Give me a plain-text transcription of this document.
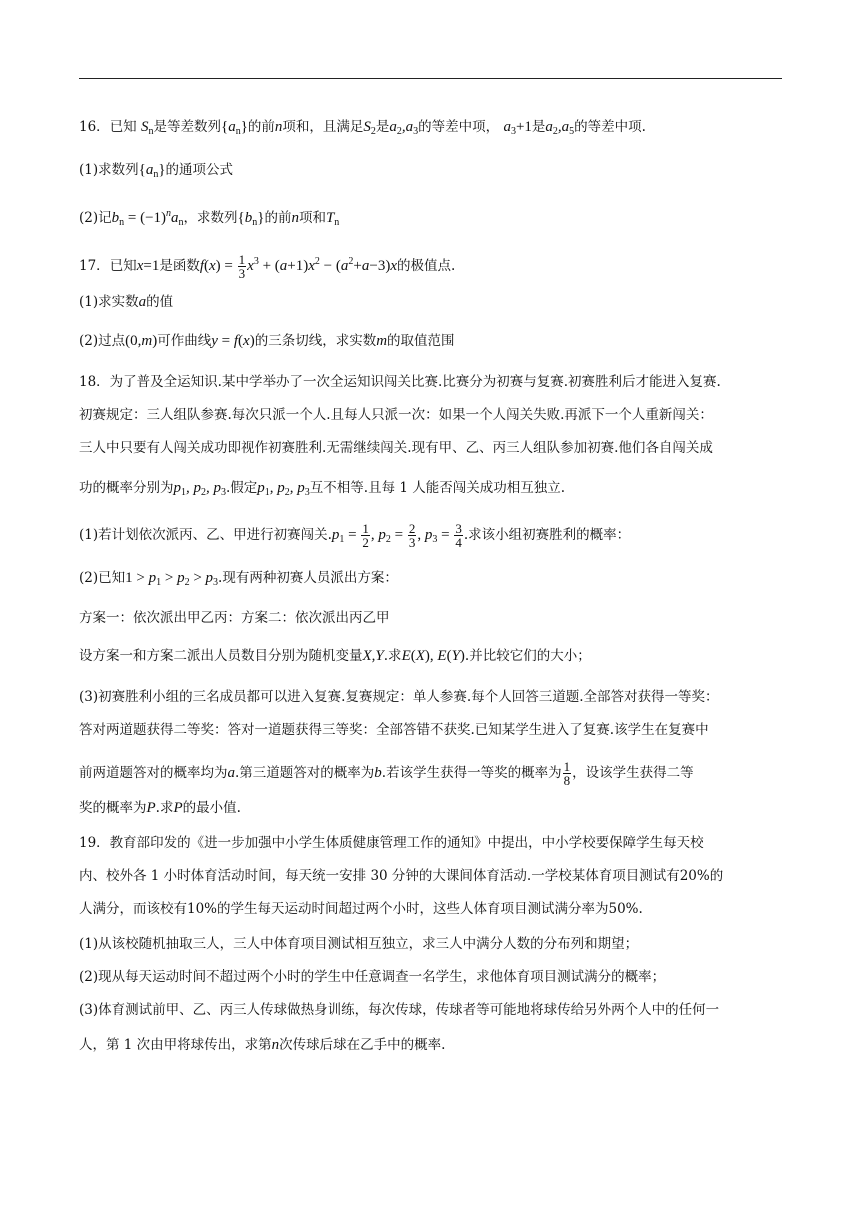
16．已知 $S_n$是等差数列$\{a_n\}$的前n项和，且满足$S_2$是$a_2,a_3$的等差中项， $a_3+1$是$a_2,a_5$的等差中项.
(1)求数列$\{a_n\}$的通项公式
(2)记$b_n = (-1)^na_n$，求数列$\{b_n\}$的前n项和$T_n$
17．已知x=1是函数$f(x) = \frac{1}{3} x^3 + (a+1)x^2 - (a^2+a-3)x$的极值点.
(1)求实数a的值
(2)过点(0,m)可作曲线y = f(x)的三条切线，求实数m的取值范围
18．为了普及全运知识.某中学举办了一次全运知识闯关比赛.比赛分为初赛与复赛.初赛胜利后才能进入复赛.
初赛规定：三人组队参赛.每次只派一个人.且每人只派一次：如果一个人闯关失败.再派下一个人重新闯关：
三人中只要有人闯关成功即视作初赛胜利.无需继续闯关.现有甲、乙、丙三人组队参加初赛.他们各自闯关成
功的概率分别为$p_1$, $p_2$, $p_3$.假定$p_1$, $p_2$, $p_3$互不相等.且每 1 人能否闯关成功相互独立.
(1)若计划依次派丙、乙、甲进行初赛闯关$.p_1 = \frac{1}{2}$ , $p_2 = \frac{2}{3}$ , $p_3 = \frac{3}{4}$ .求该小组初赛胜利的概率：
(2)已知$1 > p_1 > p_2 > p_3$.现有两种初赛人员派出方案：
方案一：依次派出甲乙丙：方案二：依次派出丙乙甲
设方案一和方案二派出人员数目分别为随机变量X,Y.求E(X), E(Y).并比较它们的大小；
(3)初赛胜利小组的三名成员都可以进入复赛.复赛规定：单人参赛.每个人回答三道题.全部答对获得一等奖：
答对两道题获得二等奖：答对一道题获得三等奖：全部答错不获奖.已知某学生进入了复赛.该学生在复赛中
前两道题答对的概率均为a.第三道题答对的概率为b.若该学生获得一等奖的概率为 $\frac{1}{8}$ ，设该学生获得二等
奖的概率为P.求P的最小值.
19．教育部印发的《进一步加强中小学生体质健康管理工作的通知》中提出，中小学校要保障学生每天校
内、校外各 1 小时体育活动时间，每天统一安排 30 分钟的大课间体育活动.一学校某体育项目测试有20%的
人满分，而该校有10%的学生每天运动时间超过两个小时，这些人体育项目测试满分率为50%.
(1)从该校随机抽取三人，三人中体育项目测试相互独立，求三人中满分人数的分布列和期望；
(2)现从每天运动时间不超过两个小时的学生中任意调查一名学生，求他体育项目测试满分的概率；
(3)体育测试前甲、乙、丙三人传球做热身训练，每次传球，传球者等可能地将球传给另外两个人中的任何一
人，第 1 次由甲将球传出，求第n次传球后球在乙手中的概率.
